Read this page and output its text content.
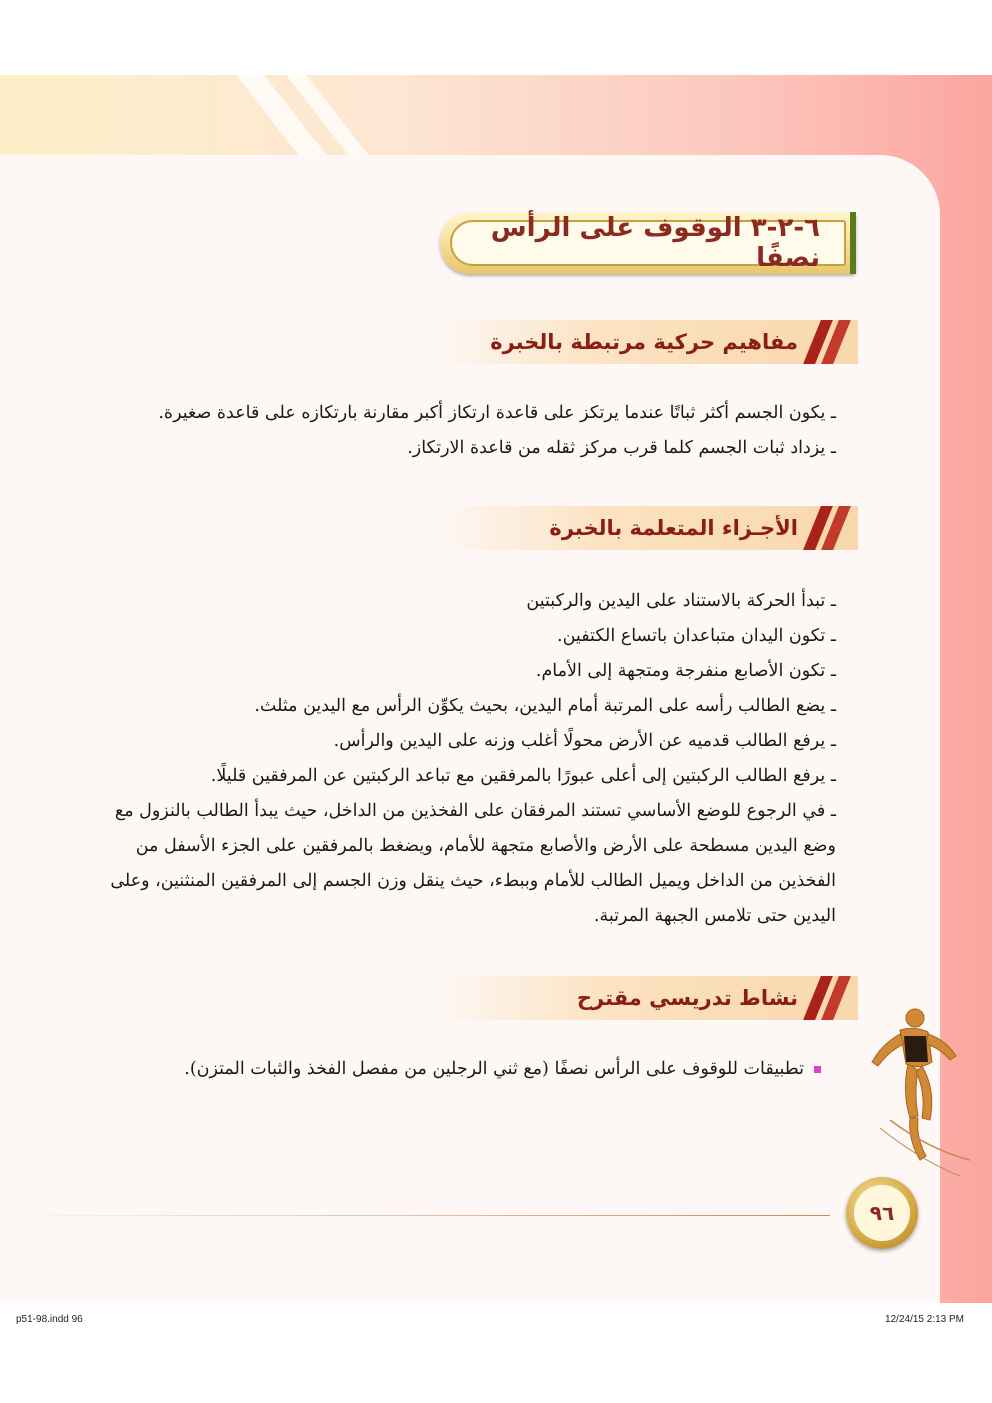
٦-٢-٣ الوقوف على الرأس نصفًا
مفاهيم حركية مرتبطة بالخبرة
ـ يكون الجسم أكثر ثباتًا عندما يرتكز على قاعدة ارتكاز أكبر مقارنة بارتكازه على قاعدة صغيرة.
ـ يزداد ثبات الجسم كلما قرب مركز ثقله من قاعدة الارتكاز.
الأجـزاء المتعلمة بالخبرة
ـ تبدأ الحركة بالاستناد على اليدين والركبتين
ـ تكون اليدان متباعدان باتساع الكتفين.
ـ تكون الأصابع منفرجة ومتجهة إلى الأمام.
ـ يضع الطالب رأسه على المرتبة أمام اليدين، بحيث يكوِّن الرأس مع اليدين مثلث.
ـ يرفع الطالب قدميه عن الأرض محولًا أغلب وزنه على اليدين والرأس.
ـ يرفع الطالب الركبتين إلى أعلى عبورًا بالمرفقين مع تباعد الركبتين عن المرفقين قليلًا.
ـ في الرجوع للوضع الأساسي تستند المرفقان على الفخذين من الداخل، حيث يبدأ الطالب بالنزول مع وضع اليدين مسطحة على الأرض والأصابع متجهة للأمام، ويضغط بالمرفقين على الجزء الأسفل من الفخذين من الداخل ويميل الطالب للأمام وببطء، حيث ينقل وزن الجسم إلى المرفقين المنثنين، وعلى اليدين حتى تلامس الجبهة المرتبة.
نشاط تدريسي مقترح
تطبيقات للوقوف على الرأس نصفًا (مع ثني الرجلين من مفصل الفخذ والثبات المتزن).
٩٦
p51-98.indd 96	12/24/15 2:13 PM
